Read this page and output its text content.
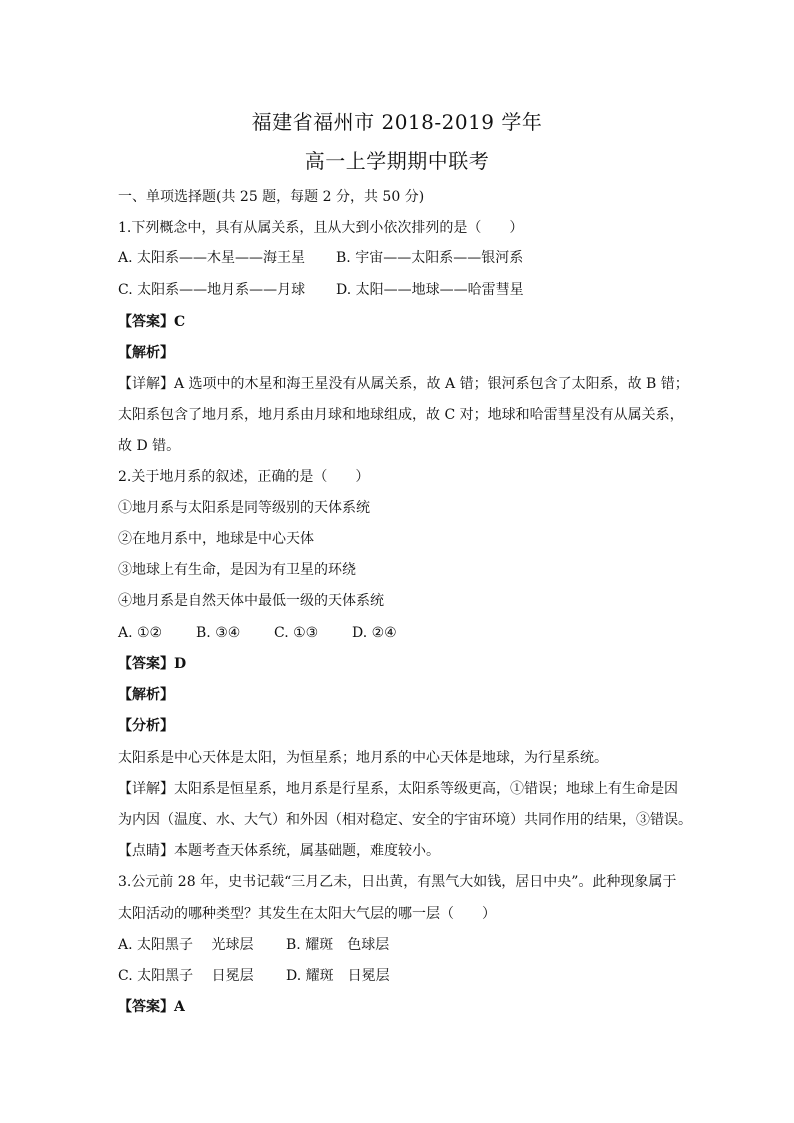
福建省福州市 2018-2019 学年
高一上学期期中联考
一、单项选择题(共 25 题，每题 2 分，共 50 分)
1.下列概念中，具有从属关系，且从大到小依次排列的是（　　）
A. 太阳系——木星——海王星 B. 宇宙——太阳系——银河系
C. 太阳系——地月系——月球 D. 太阳——地球——哈雷彗星
【答案】C
【解析】
【详解】A 选项中的木星和海王星没有从属关系，故 A 错；银河系包含了太阳系，故 B 错；
太阳系包含了地月系，地月系由月球和地球组成，故 C 对；地球和哈雷彗星没有从属关系，
故 D 错。
2.关于地月系的叙述，正确的是（　　）
①地月系与太阳系是同等级别的天体系统
②在地月系中，地球是中心天体
③地球上有生命，是因为有卫星的环绕
④地月系是自然天体中最低一级的天体系统
A. ①② B. ③④ C. ①③ D. ②④
【答案】D
【解析】
【分析】
太阳系是中心天体是太阳，为恒星系；地月系的中心天体是地球，为行星系统。
【详解】太阳系是恒星系，地月系是行星系，太阳系等级更高，①错误；地球上有生命是因
为内因（温度、水、大气）和外因（相对稳定、安全的宇宙环境）共同作用的结果，③错误。
【点睛】本题考查天体系统，属基础题，难度较小。
3.公元前 28 年，史书记载“三月乙未，日出黄，有黑气大如钱，居日中央”。此种现象属于
太阳活动的哪种类型？其发生在太阳大气层的哪一层（　　）
A. 太阳黑子　 光球层 B. 耀斑　色球层
C. 太阳黑子　 日冕层 D. 耀斑　日冕层
【答案】A
